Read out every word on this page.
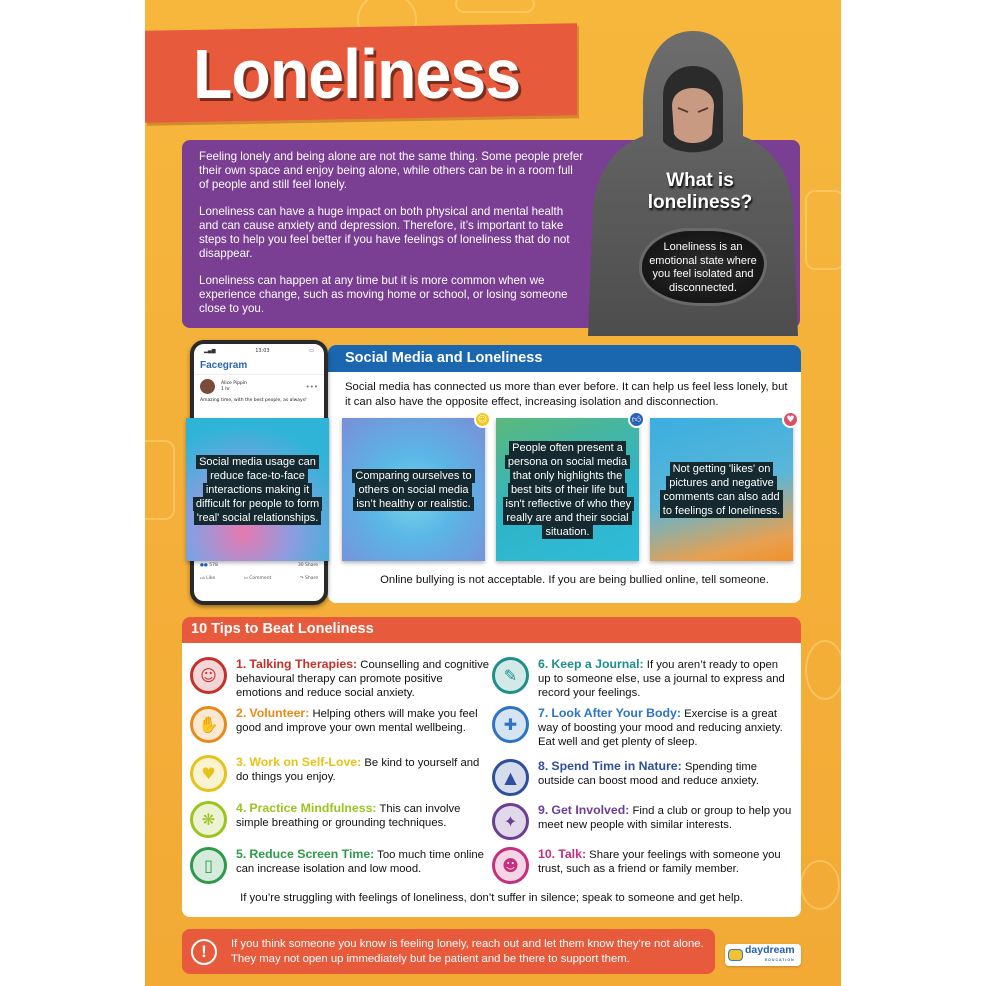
Loneliness

Feeling lonely and being alone are not the same thing. Some people prefer their own space and enjoy being alone, while others can be in a room full of people and still feel lonely.

Loneliness can have a huge impact on both physical and mental health and can cause anxiety and depression. Therefore, it’s important to take steps to help you feel better if you have feelings of loneliness that do not disappear.

Loneliness can happen at any time but it is more common when we experience change, such as moving home or school, or losing someone close to you.

What is loneliness?
Loneliness is an emotional state where you feel isolated and disconnected.
Social Media and Loneliness
Social media has connected us more than ever before. It can help us feel less lonely, but it can also have the opposite effect, increasing isolation and disconnection.
Online bullying is not acceptable. If you are being bullied online, tell someone.
▂▄▆	13:03	▭
Facegram
Alice Pippin
1 hr	•••
Amazing time, with the best people, as always!
●● 578	30 Share
👍︎ Like	▭ Comment	↷ Share
Social media usage can reduce face-to-face interactions making it difficult for people to form 'real' social relationships.
Comparing ourselves to others on social media isn’t healthy or realistic.
☺
People often present a persona on social media that only highlights the best bits of their life but isn't reflective of who they really are and their social situation.
👍︎
Not getting 'likes' on pictures and negative comments can also add to feelings of loneliness.
♥
10 Tips to Beat Loneliness
If you’re struggling with feelings of loneliness, don’t suffer in silence; speak to someone and get help.
☺
1. Talking Therapies: Counselling and cognitive behavioural therapy can promote positive emotions and reduce social anxiety.
✋
2. Volunteer: Helping others will make you feel good and improve your own mental wellbeing.
♥
3. Work on Self-Love: Be kind to yourself and do things you enjoy.
❋
4. Practice Mindfulness: This can involve simple breathing or grounding techniques.
▯
5. Reduce Screen Time: Too much time online can increase isolation and low mood.
✎
6. Keep a Journal: If you aren’t ready to open up to someone else, use a journal to express and record your feelings.
✚
7. Look After Your Body: Exercise is a great way of boosting your mood and reducing anxiety. Eat well and get plenty of sleep.
▲
8. Spend Time in Nature: Spending time outside can boost mood and reduce anxiety.
✦
9. Get Involved: Find a club or group to help you meet new people with similar interests.
☻
10. Talk: Share your feelings with someone you trust, such as a friend or family member.
!	If you think someone you know is feeling lonely, reach out and let them know they’re not alone. They may not open up immediately but be patient and be there to support them.
daydream
EDUCATION
